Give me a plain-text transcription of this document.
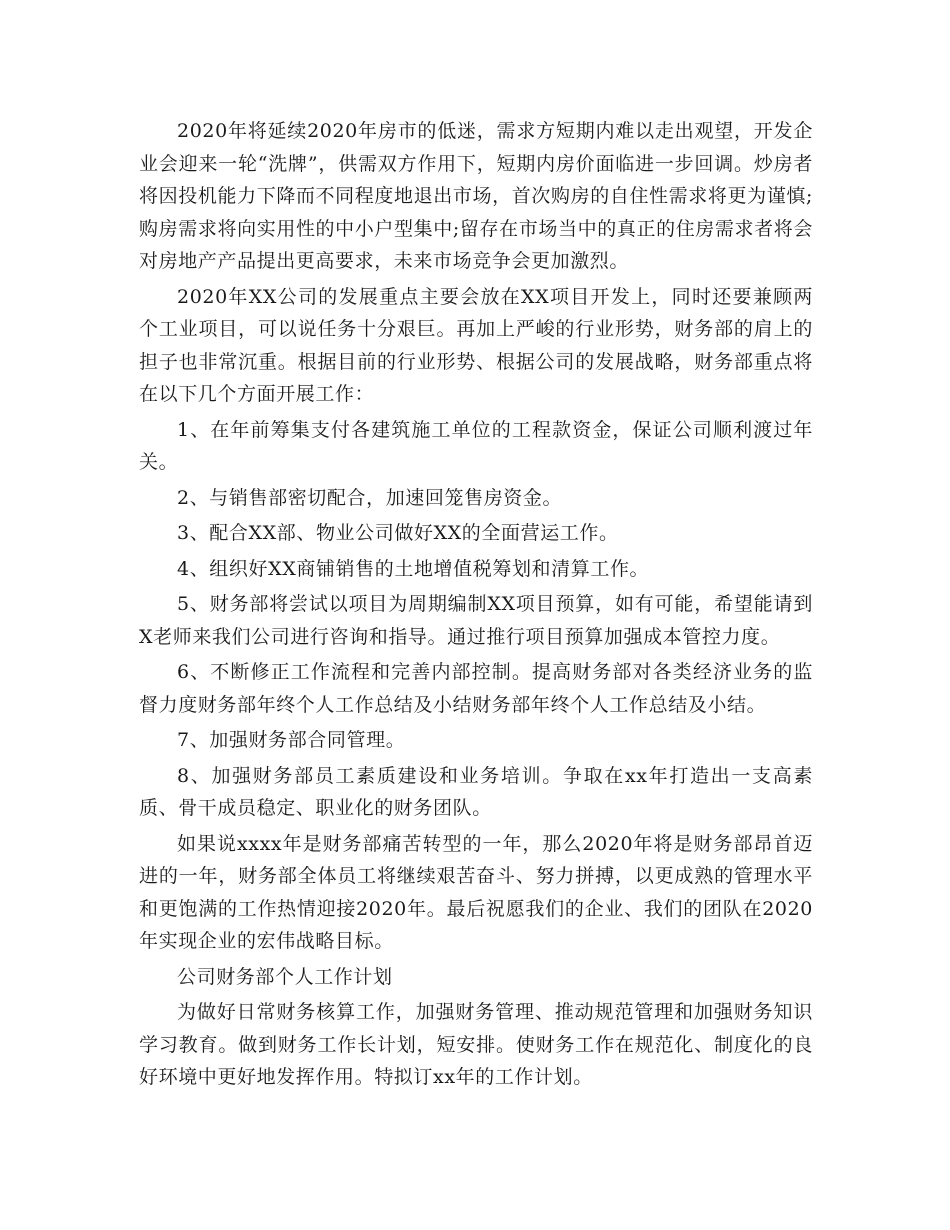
2020年将延续2020年房市的低迷，需求方短期内难以走出观望，开发企业会迎来一轮“洗牌”，供需双方作用下，短期内房价面临进一步回调。炒房者将因投机能力下降而不同程度地退出市场，首次购房的自住性需求将更为谨慎;购房需求将向实用性的中小户型集中;留存在市场当中的真正的住房需求者将会对房地产产品提出更高要求，未来市场竞争会更加激烈。

2020年XX公司的发展重点主要会放在XX项目开发上，同时还要兼顾两个工业项目，可以说任务十分艰巨。再加上严峻的行业形势，财务部的肩上的担子也非常沉重。根据目前的行业形势、根据公司的发展战略，财务部重点将在以下几个方面开展工作：

1、在年前筹集支付各建筑施工单位的工程款资金，保证公司顺利渡过年关。

2、与销售部密切配合，加速回笼售房资金。

3、配合XX部、物业公司做好XX的全面营运工作。

4、组织好XX商铺销售的土地增值税筹划和清算工作。

5、财务部将尝试以项目为周期编制XX项目预算，如有可能，希望能请到X老师来我们公司进行咨询和指导。通过推行项目预算加强成本管控力度。

6、不断修正工作流程和完善内部控制。提高财务部对各类经济业务的监督力度财务部年终个人工作总结及小结财务部年终个人工作总结及小结。

7、加强财务部合同管理。

8、加强财务部员工素质建设和业务培训。争取在xx年打造出一支高素质、骨干成员稳定、职业化的财务团队。

如果说xxxx年是财务部痛苦转型的一年，那么2020年将是财务部昂首迈进的一年，财务部全体员工将继续艰苦奋斗、努力拼搏，以更成熟的管理水平和更饱满的工作热情迎接2020年。最后祝愿我们的企业、我们的团队在2020年实现企业的宏伟战略目标。

公司财务部个人工作计划

为做好日常财务核算工作，加强财务管理、推动规范管理和加强财务知识学习教育。做到财务工作长计划，短安排。使财务工作在规范化、制度化的良好环境中更好地发挥作用。特拟订xx年的工作计划。
